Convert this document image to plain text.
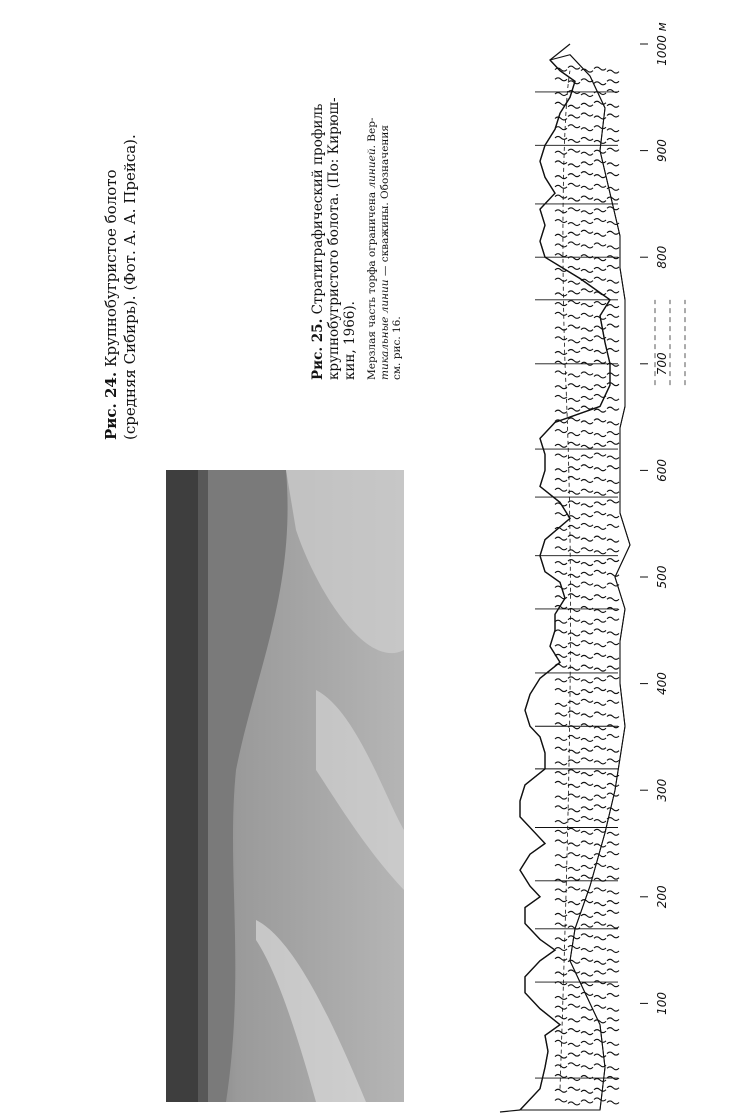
Рис. 24. Крупнобугристое болото (средняя Сибирь). (Фот. А. А. Прейса).	Рис. 25. Стратиграфический профиль крупнобугристого болота. (По: Кирюш- кин, 1966). Мерзлая часть торфа ограничена линией. Вер-
тикальные линии — скважины. Обозначения
см. рис. 16.
100
200
300
400
500
600
700
800
900
1000 м
